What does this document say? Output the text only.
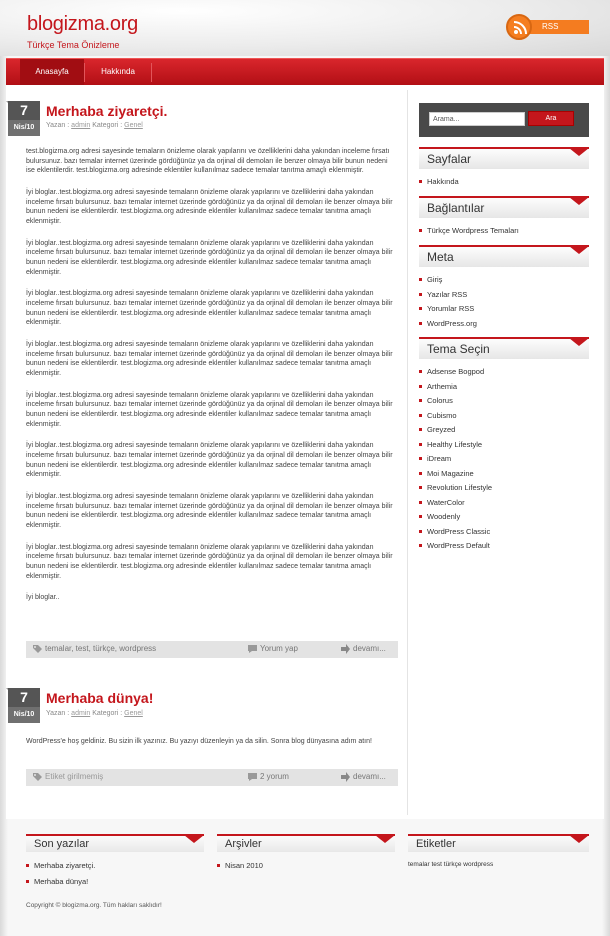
blogizma.org
Türkçe Tema Önizleme
RSS
Anasayfa	Hakkında
7
Nis/10
Merhaba ziyaretçi.
Yazan : admin Kategori : Genel

test.blogizma.org adresi sayesinde temaların önizleme olarak yapılarını ve özelliklerini daha yakından inceleme fırsatı bulursunuz. bazı temalar internet üzerinde gördüğünüz ya da orjinal dil demoları ile benzer olmaya bilir bunun nedeni ise eklentilerdir. test.blogizma.org adresinde eklentiler kullanılmaz sadece temalar tanıtma amaçlı eklenmiştir.

İyi bloglar..test.blogizma.org adresi sayesinde temaların önizleme olarak yapılarını ve özelliklerini daha yakından inceleme fırsatı bulursunuz. bazı temalar internet üzerinde gördüğünüz ya da orjinal dil demoları ile benzer olmaya bilir bunun nedeni ise eklentilerdir. test.blogizma.org adresinde eklentiler kullanılmaz sadece temalar tanıtma amaçlı eklenmiştir.

İyi bloglar..test.blogizma.org adresi sayesinde temaların önizleme olarak yapılarını ve özelliklerini daha yakından inceleme fırsatı bulursunuz. bazı temalar internet üzerinde gördüğünüz ya da orjinal dil demoları ile benzer olmaya bilir bunun nedeni ise eklentilerdir. test.blogizma.org adresinde eklentiler kullanılmaz sadece temalar tanıtma amaçlı eklenmiştir.

İyi bloglar..test.blogizma.org adresi sayesinde temaların önizleme olarak yapılarını ve özelliklerini daha yakından inceleme fırsatı bulursunuz. bazı temalar internet üzerinde gördüğünüz ya da orjinal dil demoları ile benzer olmaya bilir bunun nedeni ise eklentilerdir. test.blogizma.org adresinde eklentiler kullanılmaz sadece temalar tanıtma amaçlı eklenmiştir.

İyi bloglar..test.blogizma.org adresi sayesinde temaların önizleme olarak yapılarını ve özelliklerini daha yakından inceleme fırsatı bulursunuz. bazı temalar internet üzerinde gördüğünüz ya da orjinal dil demoları ile benzer olmaya bilir bunun nedeni ise eklentilerdir. test.blogizma.org adresinde eklentiler kullanılmaz sadece temalar tanıtma amaçlı eklenmiştir.

İyi bloglar..test.blogizma.org adresi sayesinde temaların önizleme olarak yapılarını ve özelliklerini daha yakından inceleme fırsatı bulursunuz. bazı temalar internet üzerinde gördüğünüz ya da orjinal dil demoları ile benzer olmaya bilir bunun nedeni ise eklentilerdir. test.blogizma.org adresinde eklentiler kullanılmaz sadece temalar tanıtma amaçlı eklenmiştir.

İyi bloglar..test.blogizma.org adresi sayesinde temaların önizleme olarak yapılarını ve özelliklerini daha yakından inceleme fırsatı bulursunuz. bazı temalar internet üzerinde gördüğünüz ya da orjinal dil demoları ile benzer olmaya bilir bunun nedeni ise eklentilerdir. test.blogizma.org adresinde eklentiler kullanılmaz sadece temalar tanıtma amaçlı eklenmiştir.

İyi bloglar..test.blogizma.org adresi sayesinde temaların önizleme olarak yapılarını ve özelliklerini daha yakından inceleme fırsatı bulursunuz. bazı temalar internet üzerinde gördüğünüz ya da orjinal dil demoları ile benzer olmaya bilir bunun nedeni ise eklentilerdir. test.blogizma.org adresinde eklentiler kullanılmaz sadece temalar tanıtma amaçlı eklenmiştir.

İyi bloglar..test.blogizma.org adresi sayesinde temaların önizleme olarak yapılarını ve özelliklerini daha yakından inceleme fırsatı bulursunuz. bazı temalar internet üzerinde gördüğünüz ya da orjinal dil demoları ile benzer olmaya bilir bunun nedeni ise eklentilerdir. test.blogizma.org adresinde eklentiler kullanılmaz sadece temalar tanıtma amaçlı eklenmiştir.

İyi bloglar..

temalar, test, türkçe, wordpress	Yorum yap	devamı...
7
Nis/10
Merhaba dünya!
Yazan : admin Kategori : Genel

WordPress'e hoş geldiniz. Bu sizin ilk yazınız. Bu yazıyı düzenleyin ya da silin. Sonra blog dünyasına adım atın!

Etiket girilmemiş	2 yorum	devamı...
Arama...
Ara
Sayfalar
Hakkında
Bağlantılar
Türkçe Wordpress Temaları
Meta
Giriş
Yazılar RSS
Yorumlar RSS
WordPress.org
Tema Seçin
Adsense Bogpod
Arthemia
Colorus
Cubismo
Greyzed
Healthy Lifestyle
iDream
Moi Magazine
Revolution Lifestyle
WaterColor
Woodenly
WordPress Classic
WordPress Default
Son yazılar
Merhaba ziyaretçi.
Merhaba dünya!
Arşivler
Nisan 2010
Etiketler
temalar test türkçe wordpress
Copyright © blogizma.org. Tüm hakları saklıdır!
